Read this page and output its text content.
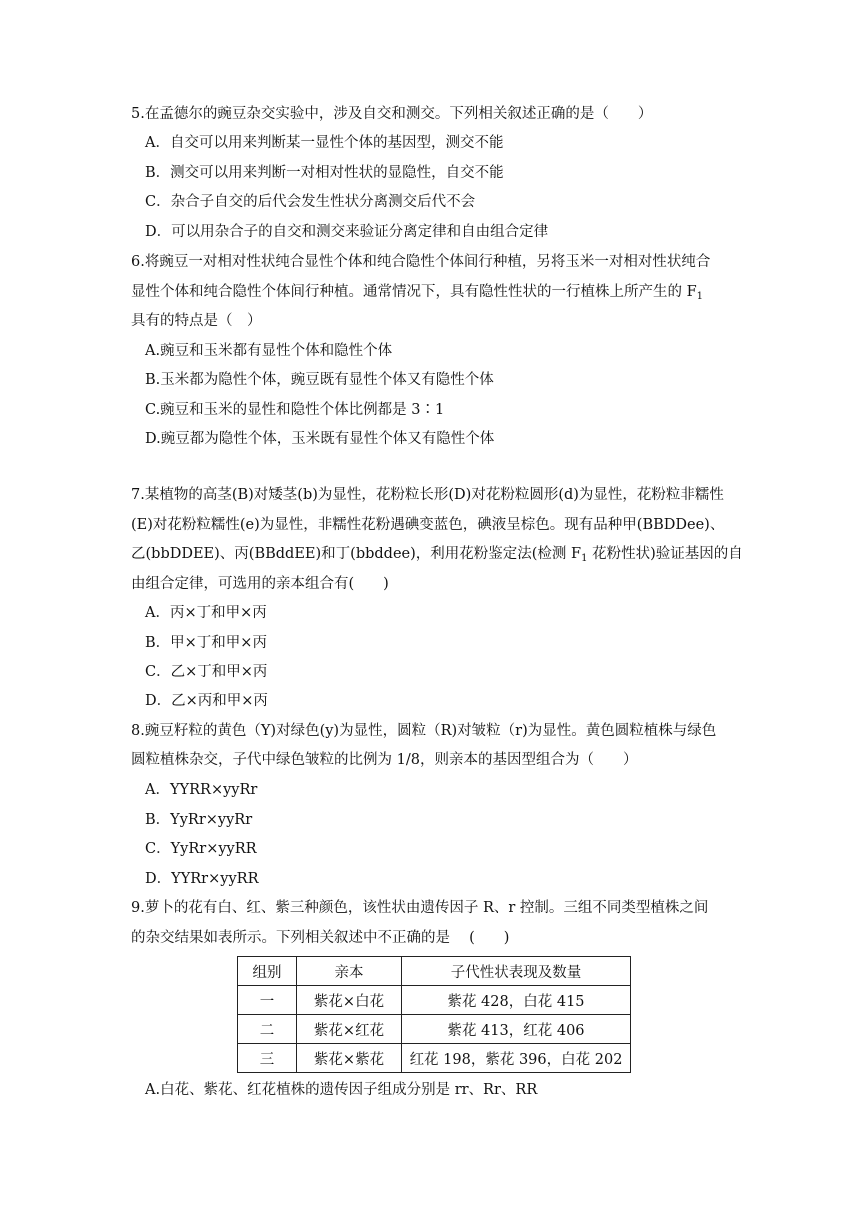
5.在孟德尔的豌豆杂交实验中，涉及自交和测交。下列相关叙述正确的是（　　）
A．自交可以用来判断某一显性个体的基因型，测交不能
B．测交可以用来判断一对相对性状的显隐性，自交不能
C．杂合子自交的后代会发生性状分离测交后代不会
D．可以用杂合子的自交和测交来验证分离定律和自由组合定律
6.将豌豆一对相对性状纯合显性个体和纯合隐性个体间行种植，另将玉米一对相对性状纯合
显性个体和纯合隐性个体间行种植。通常情况下，具有隐性性状的一行植株上所产生的 $F_1$
具有的特点是（　）
A.豌豆和玉米都有显性个体和隐性个体
B.玉米都为隐性个体，豌豆既有显性个体又有隐性个体
C.豌豆和玉米的显性和隐性个体比例都是 3∶1
D.豌豆都为隐性个体，玉米既有显性个体又有隐性个体
7.某植物的高茎(B)对矮茎(b)为显性，花粉粒长形(D)对花粉粒圆形(d)为显性，花粉粒非糯性
(E)对花粉粒糯性(e)为显性，非糯性花粉遇碘变蓝色，碘液呈棕色。现有品种甲(BBDDee)、
乙(bbDDEE)、丙(BBddEE)和丁(bbddee)，利用花粉鉴定法(检测 $F_1$ 花粉性状)验证基因的自
由组合定律，可选用的亲本组合有(　　)
A．丙×丁和甲×丙
B．甲×丁和甲×丙
C．乙×丁和甲×丙
D．乙×丙和甲×丙
8.豌豆籽粒的黄色（Y)对绿色(y)为显性，圆粒（R)对皱粒（r)为显性。黄色圆粒植株与绿色
圆粒植株杂交，子代中绿色皱粒的比例为 1/8，则亲本的基因型组合为（　　）
A．YYRR×yyRr
B．YyRr×yyRr
C．YyRr×yyRR
D．YYRr×yyRR
9.萝卜的花有白、红、紫三种颜色，该性状由遗传因子 R、r 控制。三组不同类型植株之间
的杂交结果如表所示。下列相关叙述中不正确的是　 (　　)
组别	亲本	子代性状表现及数量
一	紫花×白花	紫花 428，白花 415
二	紫花×红花	紫花 413，红花 406
三	紫花×紫花	红花 198，紫花 396，白花 202
A.白花、紫花、红花植株的遗传因子组成分别是 rr、Rr、RR
